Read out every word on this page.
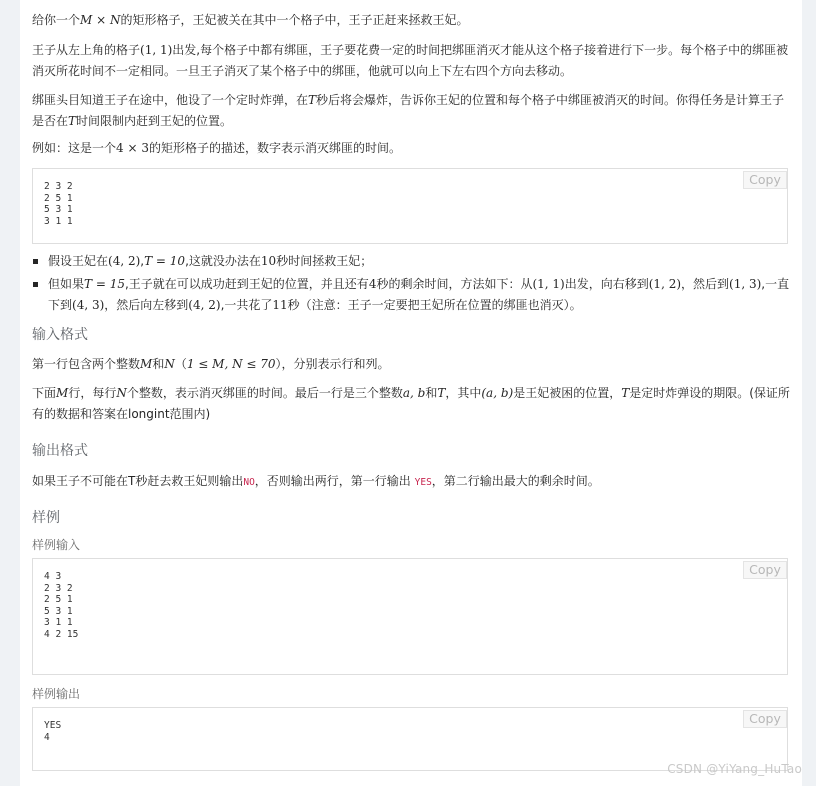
给你一个M × N的矩形格子，王妃被关在其中一个格子中，王子正赶来拯救王妃。
王子从左上角的格子(1, 1)出发,每个格子中都有绑匪，王子要花费一定的时间把绑匪消灭才能从这个格子接着进行下一步。每个格子中的绑匪被消灭所花时间不一定相同。一旦王子消灭了某个格子中的绑匪，他就可以向上下左右四个方向去移动。
绑匪头目知道王子在途中，他设了一个定时炸弹，在T秒后将会爆炸，告诉你王妃的位置和每个格子中绑匪被消灭的时间。你得任务是计算王子是否在T时间限制内赶到王妃的位置。
例如：这是一个4 × 3的矩形格子的描述，数字表示消灭绑匪的时间。
2 3 2
2 5 1
5 3 1
3 1 1
Copy
假设王妃在(4, 2),T = 10,这就没办法在10秒时间拯救王妃；
但如果T = 15,王子就在可以成功赶到王妃的位置，并且还有4秒的剩余时间，方法如下：从(1, 1)出发，向右移到(1, 2)，然后到(1, 3),一直下到(4, 3)，然后向左移到(4, 2),一共花了11秒（注意：王子一定要把王妃所在位置的绑匪也消灭）。
输入格式
第一行包含两个整数M和N（1 ≤ M, N ≤ 70），分别表示行和列。
下面M行，每行N个整数，表示消灭绑匪的时间。最后一行是三个整数a, b和T，其中(a, b)是王妃被困的位置，T是定时炸弹设的期限。(保证所有的数据和答案在longint范围内)
输出格式
如果王子不可能在T秒赶去救王妃则输出NO，否则输出两行，第一行输出 YES，第二行输出最大的剩余时间。
样例
样例输入
4 3
2 3 2
2 5 1
5 3 1
3 1 1
4 2 15
Copy
样例输出
YES
4
Copy
CSDN @YiYang_HuTao
